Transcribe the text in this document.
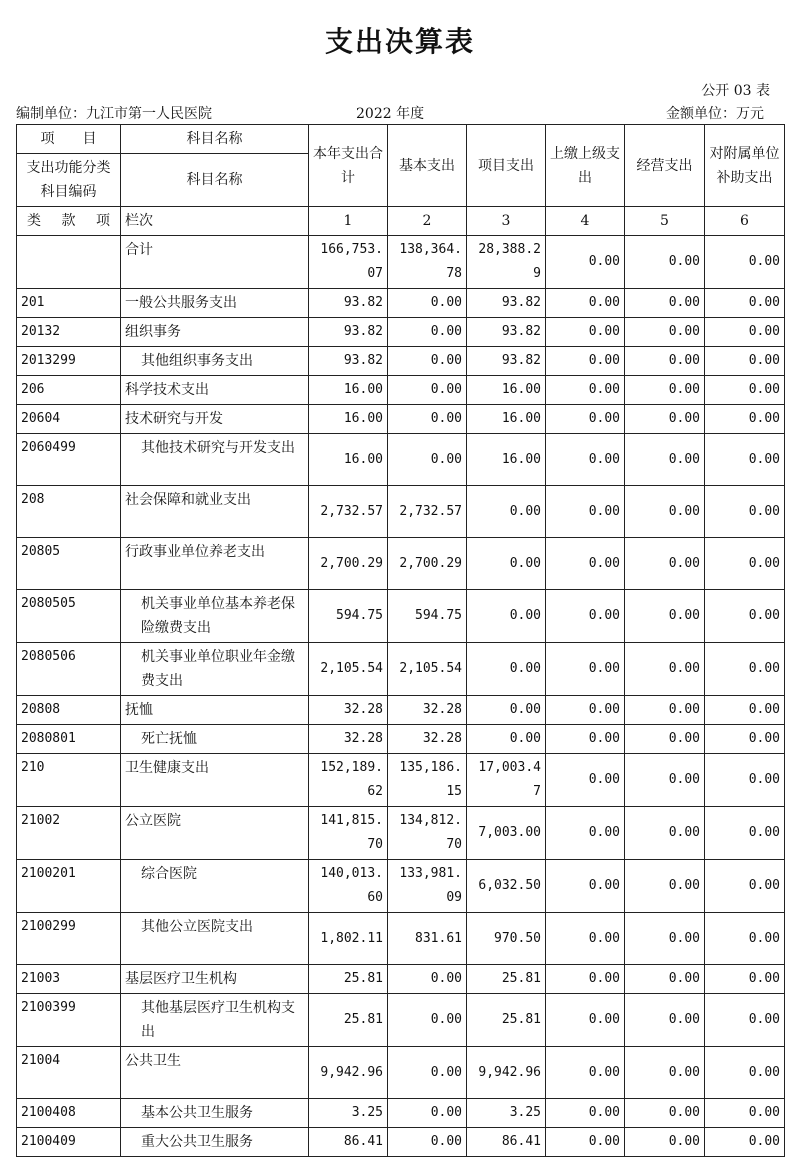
支出决算表
公开 03 表
编制单位：九江市第一人民医院	2022 年度	金额单位：万元
项　　目	科目名称	本年支出合计	基本支出	项目支出	上缴上级支出	经营支出	对附属单位补助支出
支出功能分类科目编码	科目名称						

类 款 项	栏次	1	2	3	4	5	6
	合计	166,753.07	138,364.78	28,388.29	0.00	0.00	0.00
201	一般公共服务支出	93.82	0.00	93.82	0.00	0.00	0.00
20132	组织事务	93.82	0.00	93.82	0.00	0.00	0.00
2013299	其他组织事务支出	93.82	0.00	93.82	0.00	0.00	0.00
206	科学技术支出	16.00	0.00	16.00	0.00	0.00	0.00
20604	技术研究与开发	16.00	0.00	16.00	0.00	0.00	0.00
2060499	其他技术研究与开发支出	16.00	0.00	16.00	0.00	0.00	0.00
208	社会保障和就业支出	2,732.57	2,732.57	0.00	0.00	0.00	0.00
20805	行政事业单位养老支出	2,700.29	2,700.29	0.00	0.00	0.00	0.00
2080505	机关事业单位基本养老保险缴费支出	594.75	594.75	0.00	0.00	0.00	0.00
2080506	机关事业单位职业年金缴费支出	2,105.54	2,105.54	0.00	0.00	0.00	0.00
20808	抚恤	32.28	32.28	0.00	0.00	0.00	0.00
2080801	死亡抚恤	32.28	32.28	0.00	0.00	0.00	0.00
210	卫生健康支出	152,189.62	135,186.15	17,003.47	0.00	0.00	0.00
21002	公立医院	141,815.70	134,812.70	7,003.00	0.00	0.00	0.00
2100201	综合医院	140,013.60	133,981.09	6,032.50	0.00	0.00	0.00
2100299	其他公立医院支出	1,802.11	831.61	970.50	0.00	0.00	0.00
21003	基层医疗卫生机构	25.81	0.00	25.81	0.00	0.00	0.00
2100399	其他基层医疗卫生机构支出	25.81	0.00	25.81	0.00	0.00	0.00
21004	公共卫生	9,942.96	0.00	9,942.96	0.00	0.00	0.00
2100408	基本公共卫生服务	3.25	0.00	3.25	0.00	0.00	0.00
2100409	重大公共卫生服务	86.41	0.00	86.41	0.00	0.00	0.00
